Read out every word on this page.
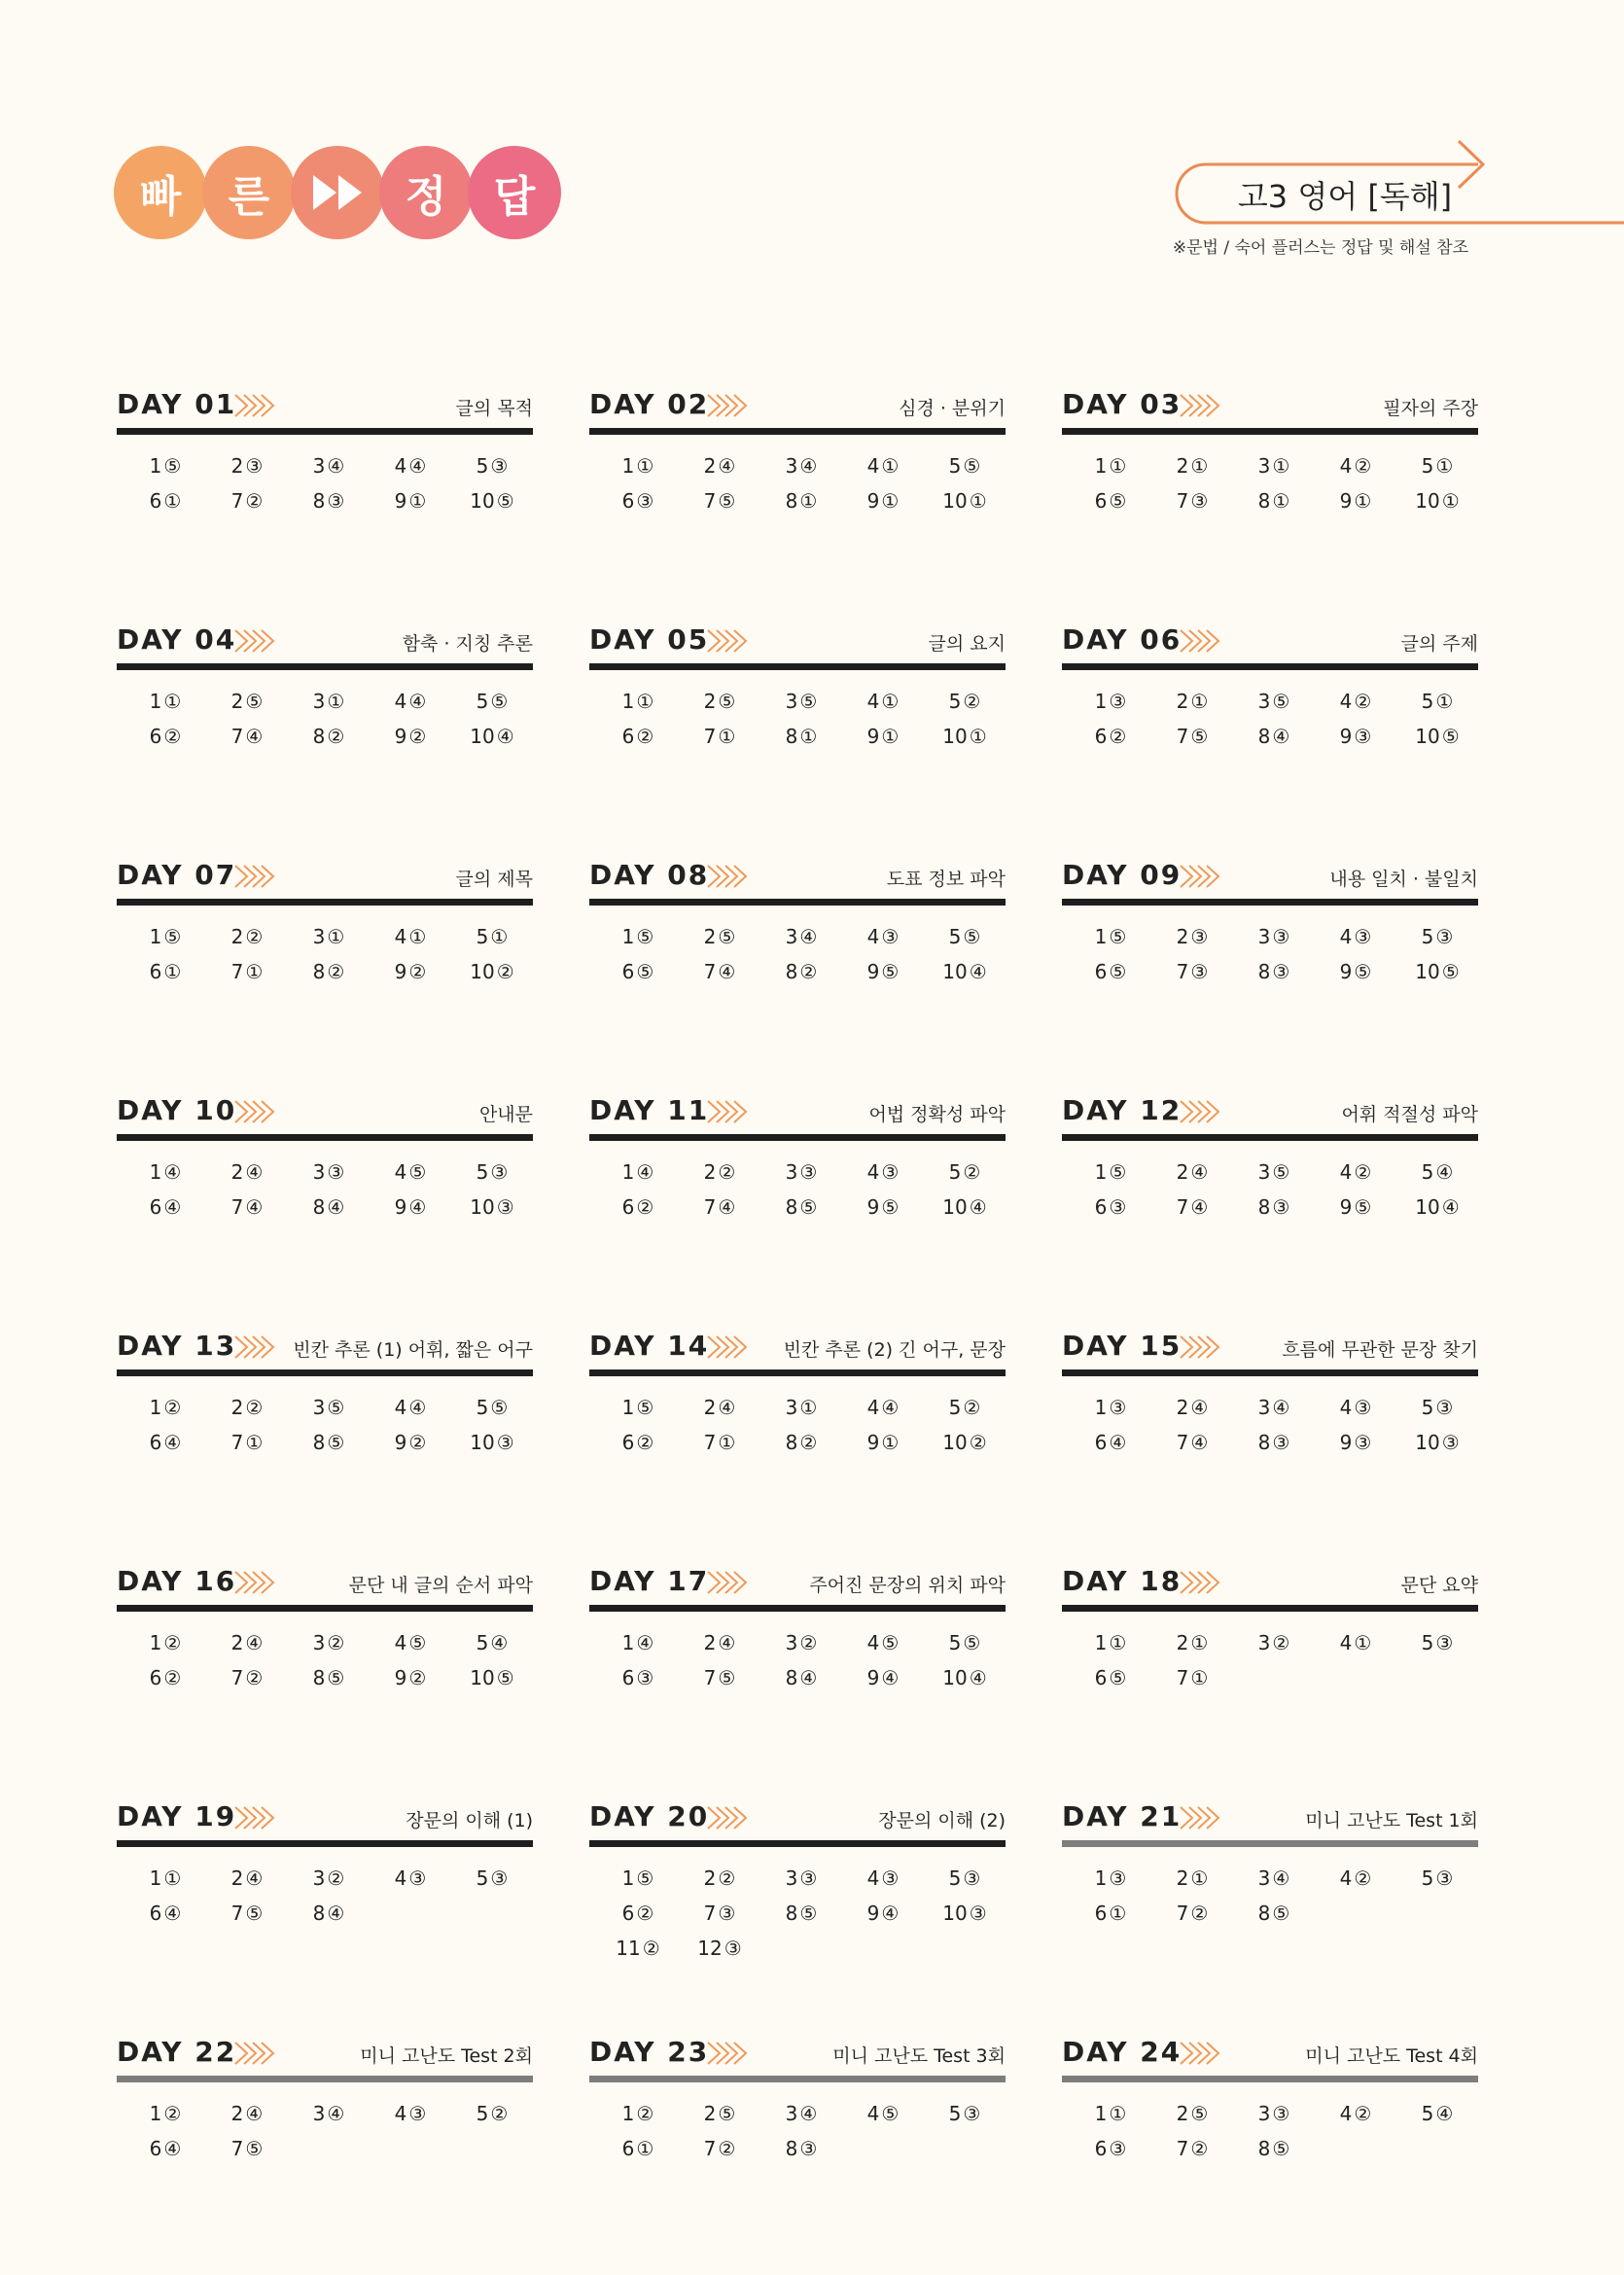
빠	른	정	답	고3 영어 [독해]
※문법 / 숙어 플러스는 정답 및 해설 참조
DAY 01	글의 목적
1 ⑤	2 ③	3 ④	4 ④	5 ③
6 ①	7 ②	8 ③	9 ①	10 ⑤
DAY 02	심경 · 분위기
1 ①	2 ④	3 ④	4 ①	5 ⑤
6 ③	7 ⑤	8 ①	9 ①	10 ①
DAY 03	필자의 주장
1 ①	2 ①	3 ①	4 ②	5 ①
6 ⑤	7 ③	8 ①	9 ①	10 ①
DAY 04	함축 · 지칭 추론
1 ①	2 ⑤	3 ①	4 ④	5 ⑤
6 ②	7 ④	8 ②	9 ②	10 ④
DAY 05	글의 요지
1 ①	2 ⑤	3 ⑤	4 ①	5 ②
6 ②	7 ①	8 ①	9 ①	10 ①
DAY 06	글의 주제
1 ③	2 ①	3 ⑤	4 ②	5 ①
6 ②	7 ⑤	8 ④	9 ③	10 ⑤
DAY 07	글의 제목
1 ⑤	2 ②	3 ①	4 ①	5 ①
6 ①	7 ①	8 ②	9 ②	10 ②
DAY 08	도표 정보 파악
1 ⑤	2 ⑤	3 ④	4 ③	5 ⑤
6 ⑤	7 ④	8 ②	9 ⑤	10 ④
DAY 09	내용 일치 · 불일치
1 ⑤	2 ③	3 ③	4 ③	5 ③
6 ⑤	7 ③	8 ③	9 ⑤	10 ⑤
DAY 10	안내문
1 ④	2 ④	3 ③	4 ⑤	5 ③
6 ④	7 ④	8 ④	9 ④	10 ③
DAY 11	어법 정확성 파악
1 ④	2 ②	3 ③	4 ③	5 ②
6 ②	7 ④	8 ⑤	9 ⑤	10 ④
DAY 12	어휘 적절성 파악
1 ⑤	2 ④	3 ⑤	4 ②	5 ④
6 ③	7 ④	8 ③	9 ⑤	10 ④
DAY 13	빈칸 추론 (1) 어휘, 짧은 어구
1 ②	2 ②	3 ⑤	4 ④	5 ⑤
6 ④	7 ①	8 ⑤	9 ②	10 ③
DAY 14	빈칸 추론 (2) 긴 어구, 문장
1 ⑤	2 ④	3 ①	4 ④	5 ②
6 ②	7 ①	8 ②	9 ①	10 ②
DAY 15	흐름에 무관한 문장 찾기
1 ③	2 ④	3 ④	4 ③	5 ③
6 ④	7 ④	8 ③	9 ③	10 ③
DAY 16	문단 내 글의 순서 파악
1 ②	2 ④	3 ②	4 ⑤	5 ④
6 ②	7 ②	8 ⑤	9 ②	10 ⑤
DAY 17	주어진 문장의 위치 파악
1 ④	2 ④	3 ②	4 ⑤	5 ⑤
6 ③	7 ⑤	8 ④	9 ④	10 ④
DAY 18	문단 요약
1 ①	2 ①	3 ②	4 ①	5 ③
6 ⑤	7 ①
DAY 19	장문의 이해 (1)
1 ①	2 ④	3 ②	4 ③	5 ③
6 ④	7 ⑤	8 ④
DAY 20	장문의 이해 (2)
1 ⑤	2 ②	3 ③	4 ③	5 ③
6 ②	7 ③	8 ⑤	9 ④	10 ③
11 ②	12 ③
DAY 21	미니 고난도 Test 1회
1 ③	2 ①	3 ④	4 ②	5 ③
6 ①	7 ②	8 ⑤
DAY 22	미니 고난도 Test 2회
1 ②	2 ④	3 ④	4 ③	5 ②
6 ④	7 ⑤
DAY 23	미니 고난도 Test 3회
1 ②	2 ⑤	3 ④	4 ⑤	5 ③
6 ①	7 ②	8 ③
DAY 24	미니 고난도 Test 4회
1 ①	2 ⑤	3 ③	4 ②	5 ④
6 ③	7 ②	8 ⑤
